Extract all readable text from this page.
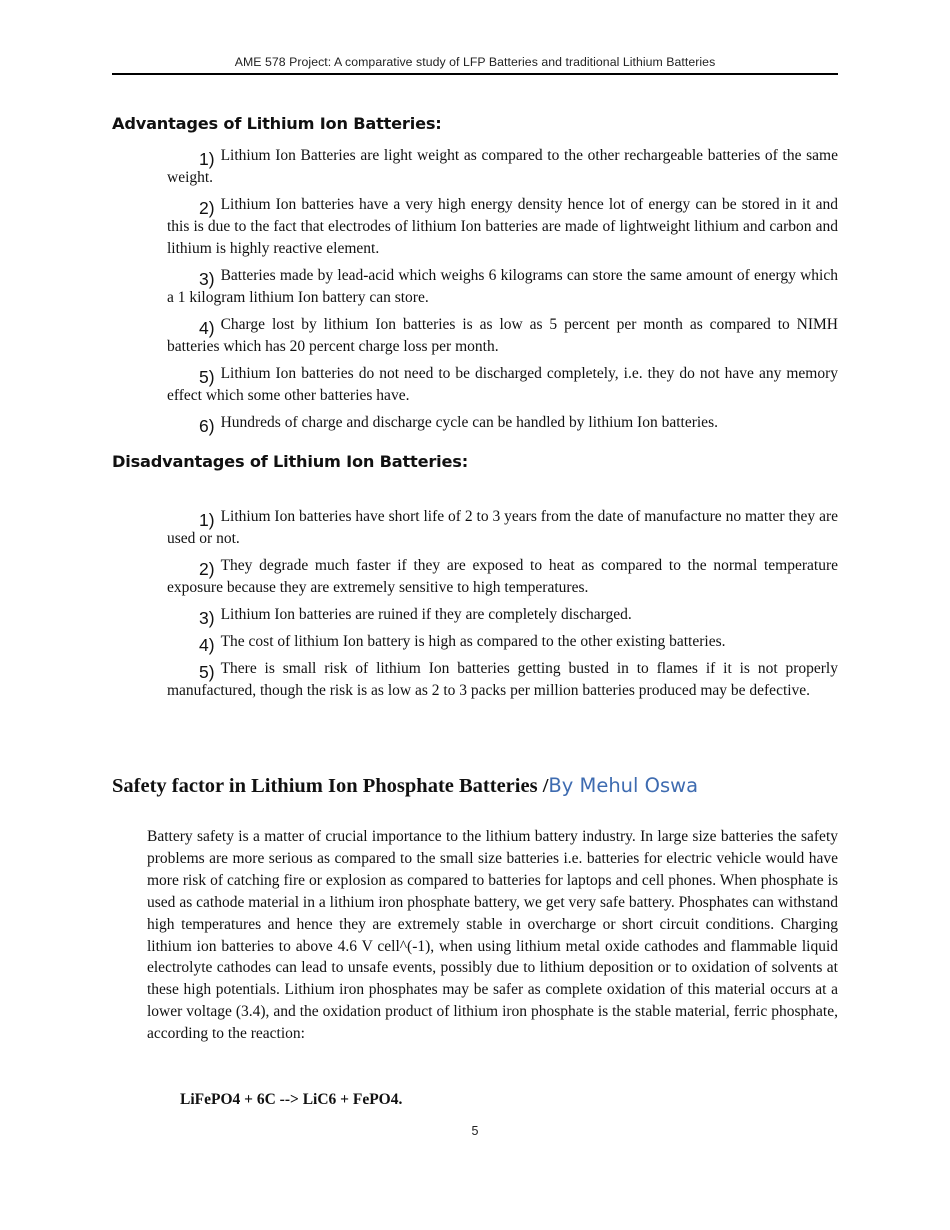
AME 578 Project: A comparative study of LFP Batteries and traditional Lithium Batteries
Advantages of Lithium Ion Batteries:

1) Lithium Ion Batteries are light weight as compared to the other rechargeable batteries of the same weight.

2) Lithium Ion batteries have a very high energy density hence lot of energy can be stored in it and this is due to the fact that electrodes of lithium Ion batteries are made of lightweight lithium and carbon and lithium is highly reactive element.

3) Batteries made by lead-acid which weighs 6 kilograms can store the same amount of energy which a 1 kilogram lithium Ion battery can store.

4) Charge lost by lithium Ion batteries is as low as 5 percent per month as compared to NIMH batteries which has 20 percent charge loss per month.

5) Lithium Ion batteries do not need to be discharged completely, i.e. they do not have any memory effect which some other batteries have.

6) Hundreds of charge and discharge cycle can be handled by lithium Ion batteries.

Disadvantages of Lithium Ion Batteries:

1) Lithium Ion batteries have short life of 2 to 3 years from the date of manufacture no matter they are used or not.

2) They degrade much faster if they are exposed to heat as compared to the normal temperature exposure because they are extremely sensitive to high temperatures.

3) Lithium Ion batteries are ruined if they are completely discharged.

4) The cost of lithium Ion battery is high as compared to the other existing batteries.

5) There is small risk of lithium Ion batteries getting busted in to flames if it is not properly manufactured, though the risk is as low as 2 to 3 packs per million batteries produced may be defective.

Safety factor in Lithium Ion Phosphate Batteries /By Mehul Oswa

Battery safety is a matter of crucial importance to the lithium battery industry. In large size batteries the safety problems are more serious as compared to the small size batteries i.e. batteries for electric vehicle would have more risk of catching fire or explosion as compared to batteries for laptops and cell phones. When phosphate is used as cathode material in a lithium iron phosphate battery, we get very safe battery. Phosphates can withstand high temperatures and hence they are extremely stable in overcharge or short circuit conditions. Charging lithium ion batteries to above 4.6 V cell^(-1), when using lithium metal oxide cathodes and flammable liquid electrolyte cathodes can lead to unsafe events, possibly due to lithium deposition or to oxidation of solvents at these high potentials. Lithium iron phosphates may be safer as complete oxidation of this material occurs at a lower voltage (3.4), and the oxidation product of lithium iron phosphate is the stable material, ferric phosphate, according to the reaction:

LiFePO4 + 6C --> LiC6 + FePO4.
5
